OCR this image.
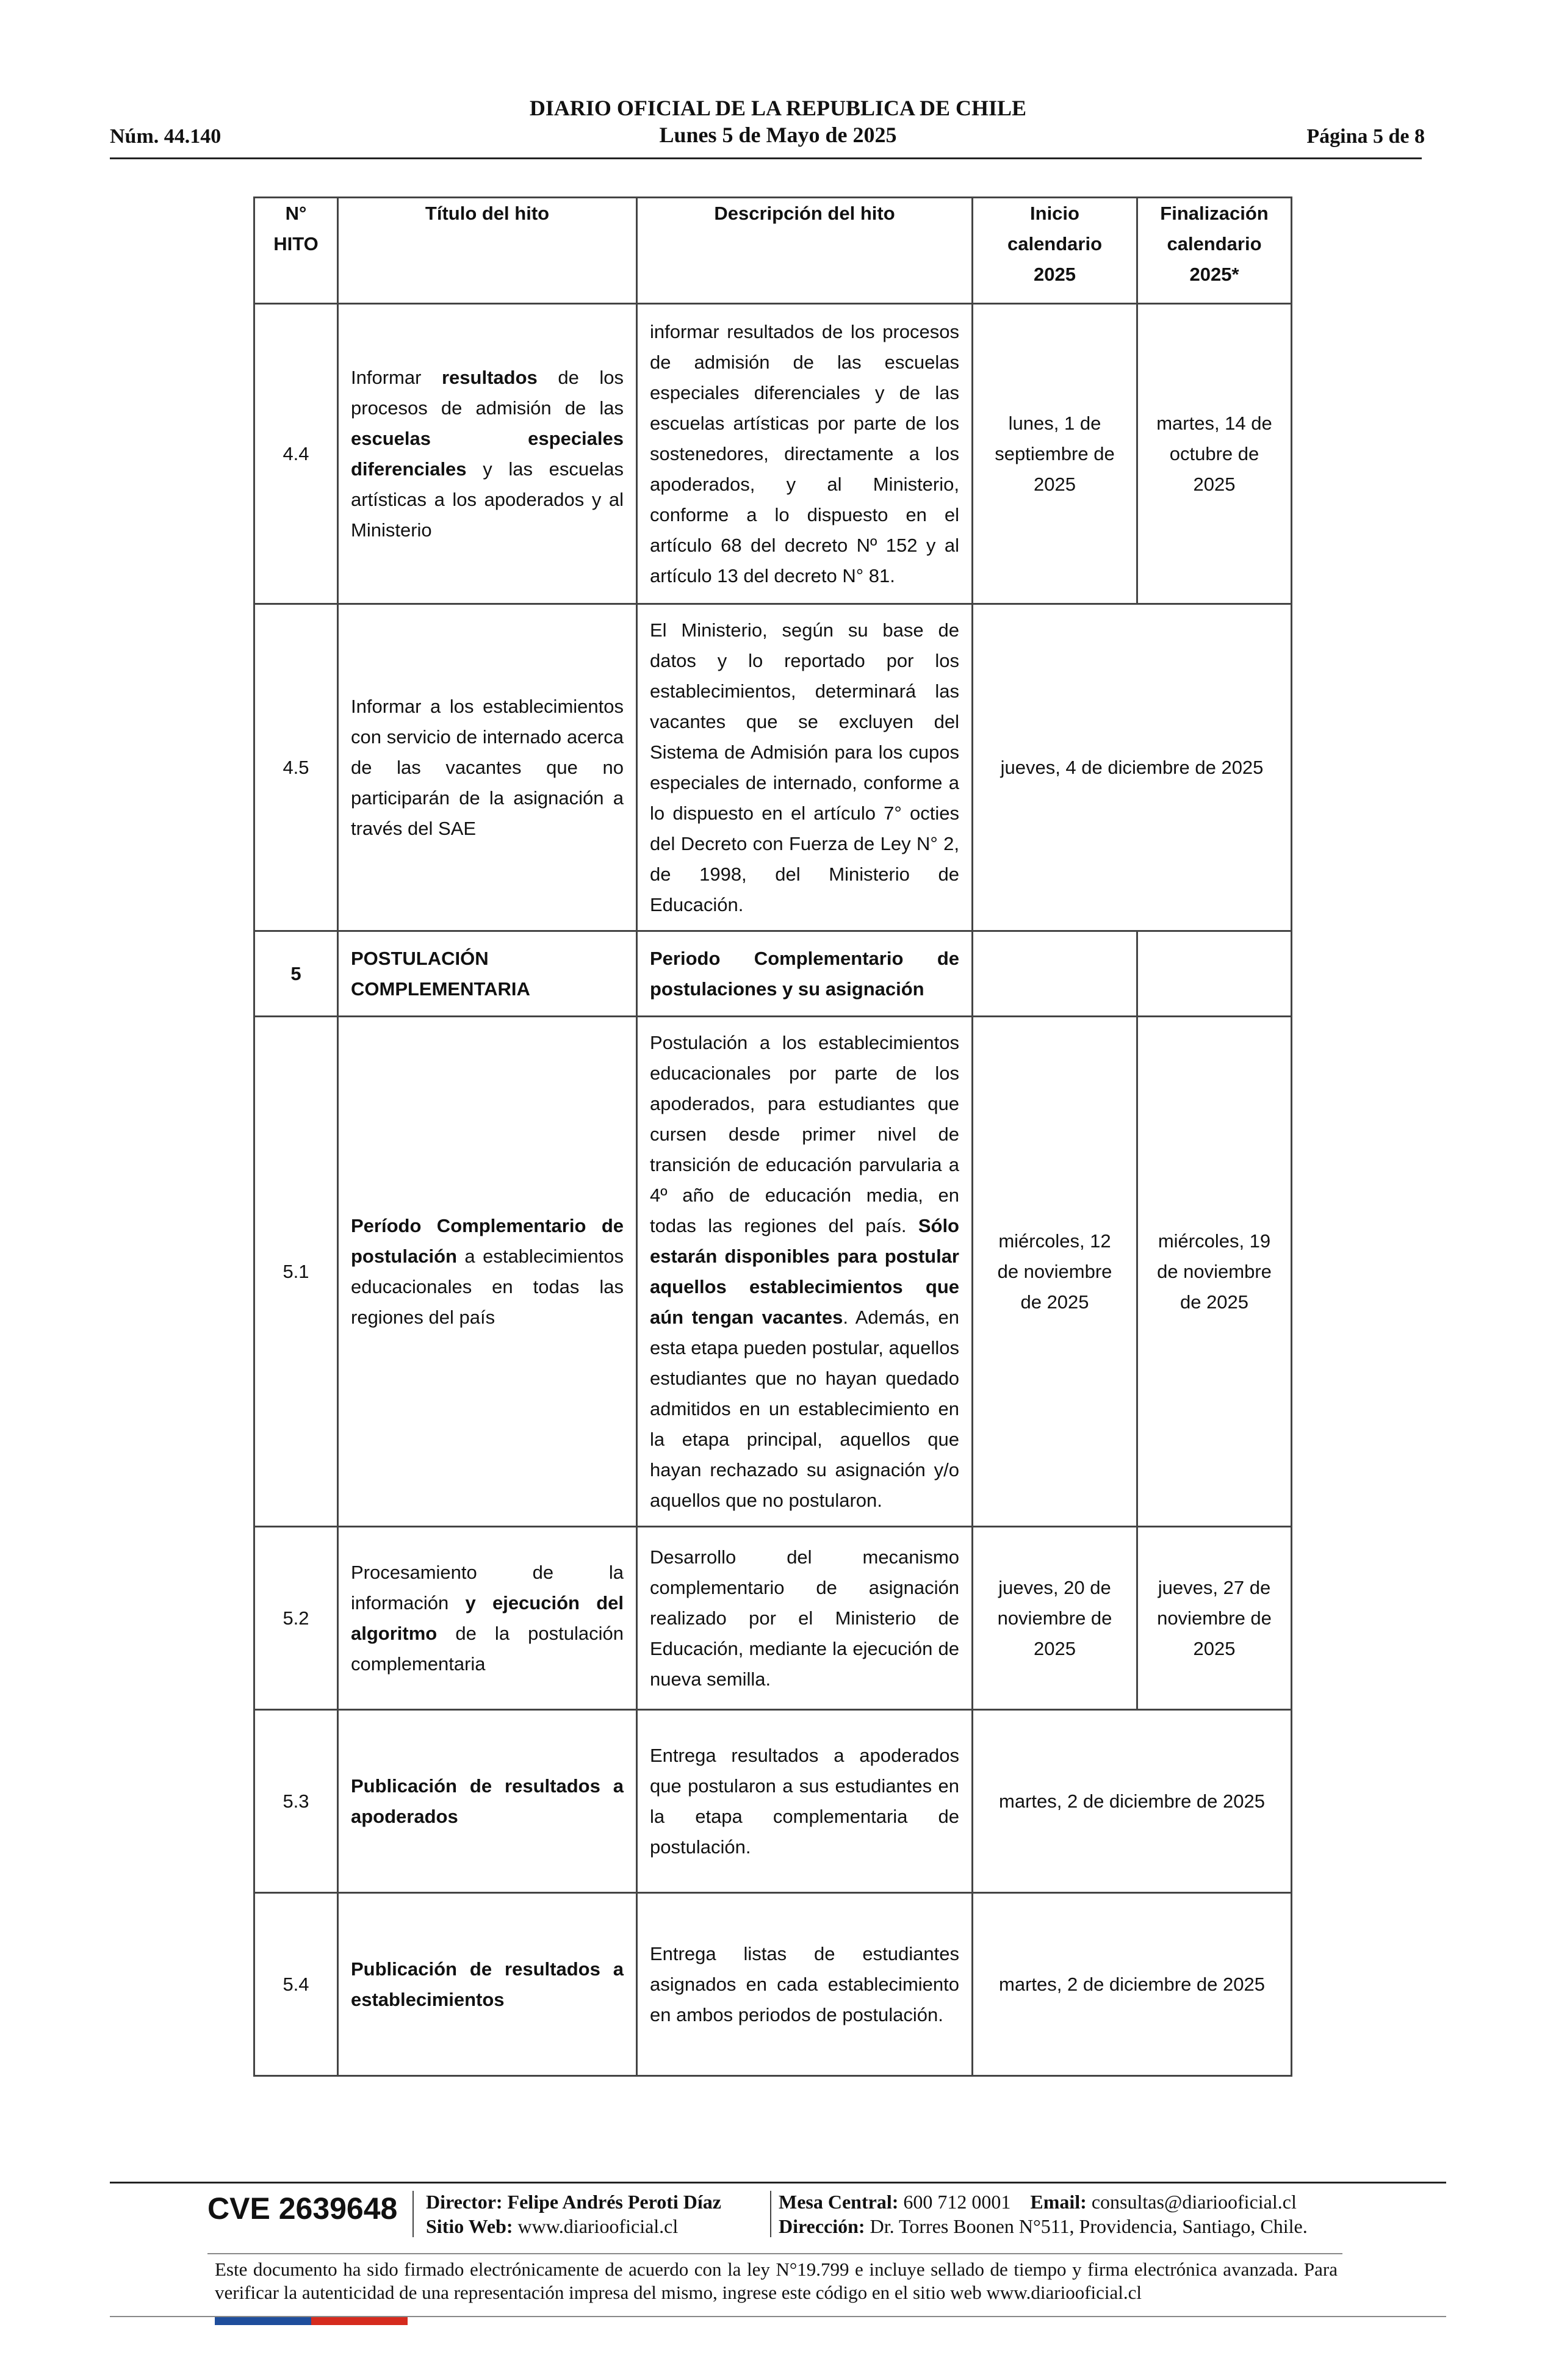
Núm. 44.140
DIARIO OFICIAL DE LA REPUBLICA DE CHILE
Lunes 5 de Mayo de 2025	Página 5 de 8
N° HITO	Título del hito	Descripción del hito	Inicio calendario 2025	Finalización calendario 2025*
4.4	Informar resultados de los procesos de admisión de las escuelas especiales diferenciales y las escuelas artísticas a los apoderados y al Ministerio	informar resultados de los procesos de admisión de las escuelas especiales diferenciales y de las escuelas artísticas por parte de los sostenedores, directamente a los apoderados, y al Ministerio, conforme a lo dispuesto en el artículo 68 del decreto Nº 152 y al artículo 13 del decreto N° 81.	lunes, 1 de septiembre de 2025	martes, 14 de octubre de 2025
4.5	Informar a los establecimientos con servicio de internado acerca de las vacantes que no participarán de la asignación a través del SAE	El Ministerio, según su base de datos y lo reportado por los establecimientos, determinará las vacantes que se excluyen del Sistema de Admisión para los cupos especiales de internado, conforme a lo dispuesto en el artículo 7° octies del Decreto con Fuerza de Ley N° 2, de 1998, del Ministerio de Educación.	jueves, 4 de diciembre de 2025	
5	POSTULACIÓN COMPLEMENTARIA	Periodo Complementario de postulaciones y su asignación		
5.1	Período Complementario de postulación a establecimientos educacionales en todas las regiones del país	Postulación a los establecimientos educacionales por parte de los apoderados, para estudiantes que cursen desde primer nivel de transición de educación parvularia a 4º año de educación media, en todas las regiones del país. Sólo estarán disponibles para postular aquellos establecimientos que aún tengan vacantes. Además, en esta etapa pueden postular, aquellos estudiantes que no hayan quedado admitidos en un establecimiento en la etapa principal, aquellos que hayan rechazado su asignación y/o aquellos que no postularon.	miércoles, 12 de noviembre de 2025	miércoles, 19 de noviembre de 2025
5.2	Procesamiento de la información y ejecución del algoritmo de la postulación complementaria	Desarrollo del mecanismo complementario de asignación realizado por el Ministerio de Educación, mediante la ejecución de nueva semilla.	jueves, 20 de noviembre de 2025	jueves, 27 de noviembre de 2025
5.3	Publicación de resultados a apoderados	Entrega resultados a apoderados que postularon a sus estudiantes en la etapa complementaria de postulación.	martes, 2 de diciembre de 2025	
5.4	Publicación de resultados a establecimientos	Entrega listas de estudiantes asignados en cada establecimiento en ambos periodos de postulación.	martes, 2 de diciembre de 2025	
CVE 2639648 Director: Felipe Andrés Peroti Díaz
Sitio Web: www.diariooficial.cl
Mesa Central: 600 712 0001 Email: consultas@diariooficial.cl
Dirección: Dr. Torres Boonen N°511, Providencia, Santiago, Chile.
Este documento ha sido firmado electrónicamente de acuerdo con la ley N°19.799 e incluye sellado de tiempo y firma electrónica avanzada. Para verificar la autenticidad de una representación impresa del mismo, ingrese este código en el sitio web www.diariooficial.cl
